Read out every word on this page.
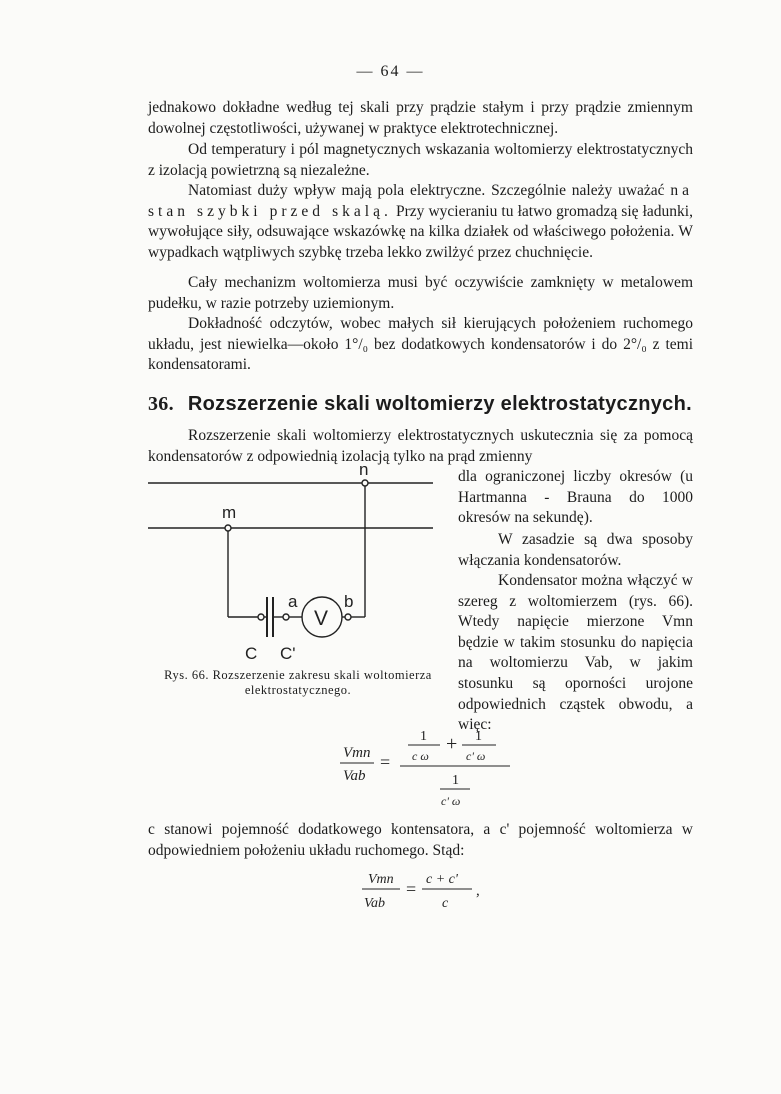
— 64 —

jednakowo dokładne według tej skali przy prądzie stałym i przy prądzie zmiennym dowolnej częstotliwości, używanej w praktyce elektrotechnicznej.

Od temperatury i pól magnetycznych wskazania woltomierzy elektrostatycznych z izolacją powietrzną są niezależne.

Natomiast duży wpływ mają pola elektryczne. Szczególnie należy uważać na stan szybki przed skalą. Przy wycieraniu tu łatwo gromadzą się ładunki, wywołujące siły, odsuwające wskazówkę na kilka działek od właściwego położenia. W wypadkach wątpliwych szybkę trzeba lekko zwilżyć przez chuchnięcie.

Cały mechanizm woltomierza musi być oczywiście zamknięty w metalowem pudełku, w razie potrzeby uziemionym.

Dokładność odczytów, wobec małych sił kierujących położeniem ruchomego układu, jest niewielka—około 1°/₀ bez dodatkowych kondensatorów i do 2°/₀ z temi kondensatorami.

36. Rozszerzenie skali woltomierzy elektrostatycznych.

Rozszerzenie skali woltomierzy elektrostatycznych uskutecznia się za pomocą kondensatorów z odpowiednią izolacją tylko na prąd zmienny

dla ograniczonej liczby okresów (u Hartmanna - Brauna do 1000 okresów na sekundę).

W zasadzie są dwa sposoby włączania kondensatorów.

Kondensator można włączyć w szereg z woltomierzem (rys. 66). Wtedy napięcie mierzone Vmn będzie w takim stosunku do napięcia na woltomierzu Vab, w jakim stosunku są oporności urojone odpowiednich cząstek obwodu, a więc:

n
m
a	b
V
C C'

Rys. 66. Rozszerzenie zakresu skali woltomierza elektrostatycznego.

Vmn
Vab
=
1
c ω
+ 1
c' ω
1
c' ω

c stanowi pojemność dodatkowego kontensatora, a c' pojemność woltomierza w odpowiedniem położeniu układu ruchomego. Stąd:

Vmn
Vab
= c + c'
c
,
